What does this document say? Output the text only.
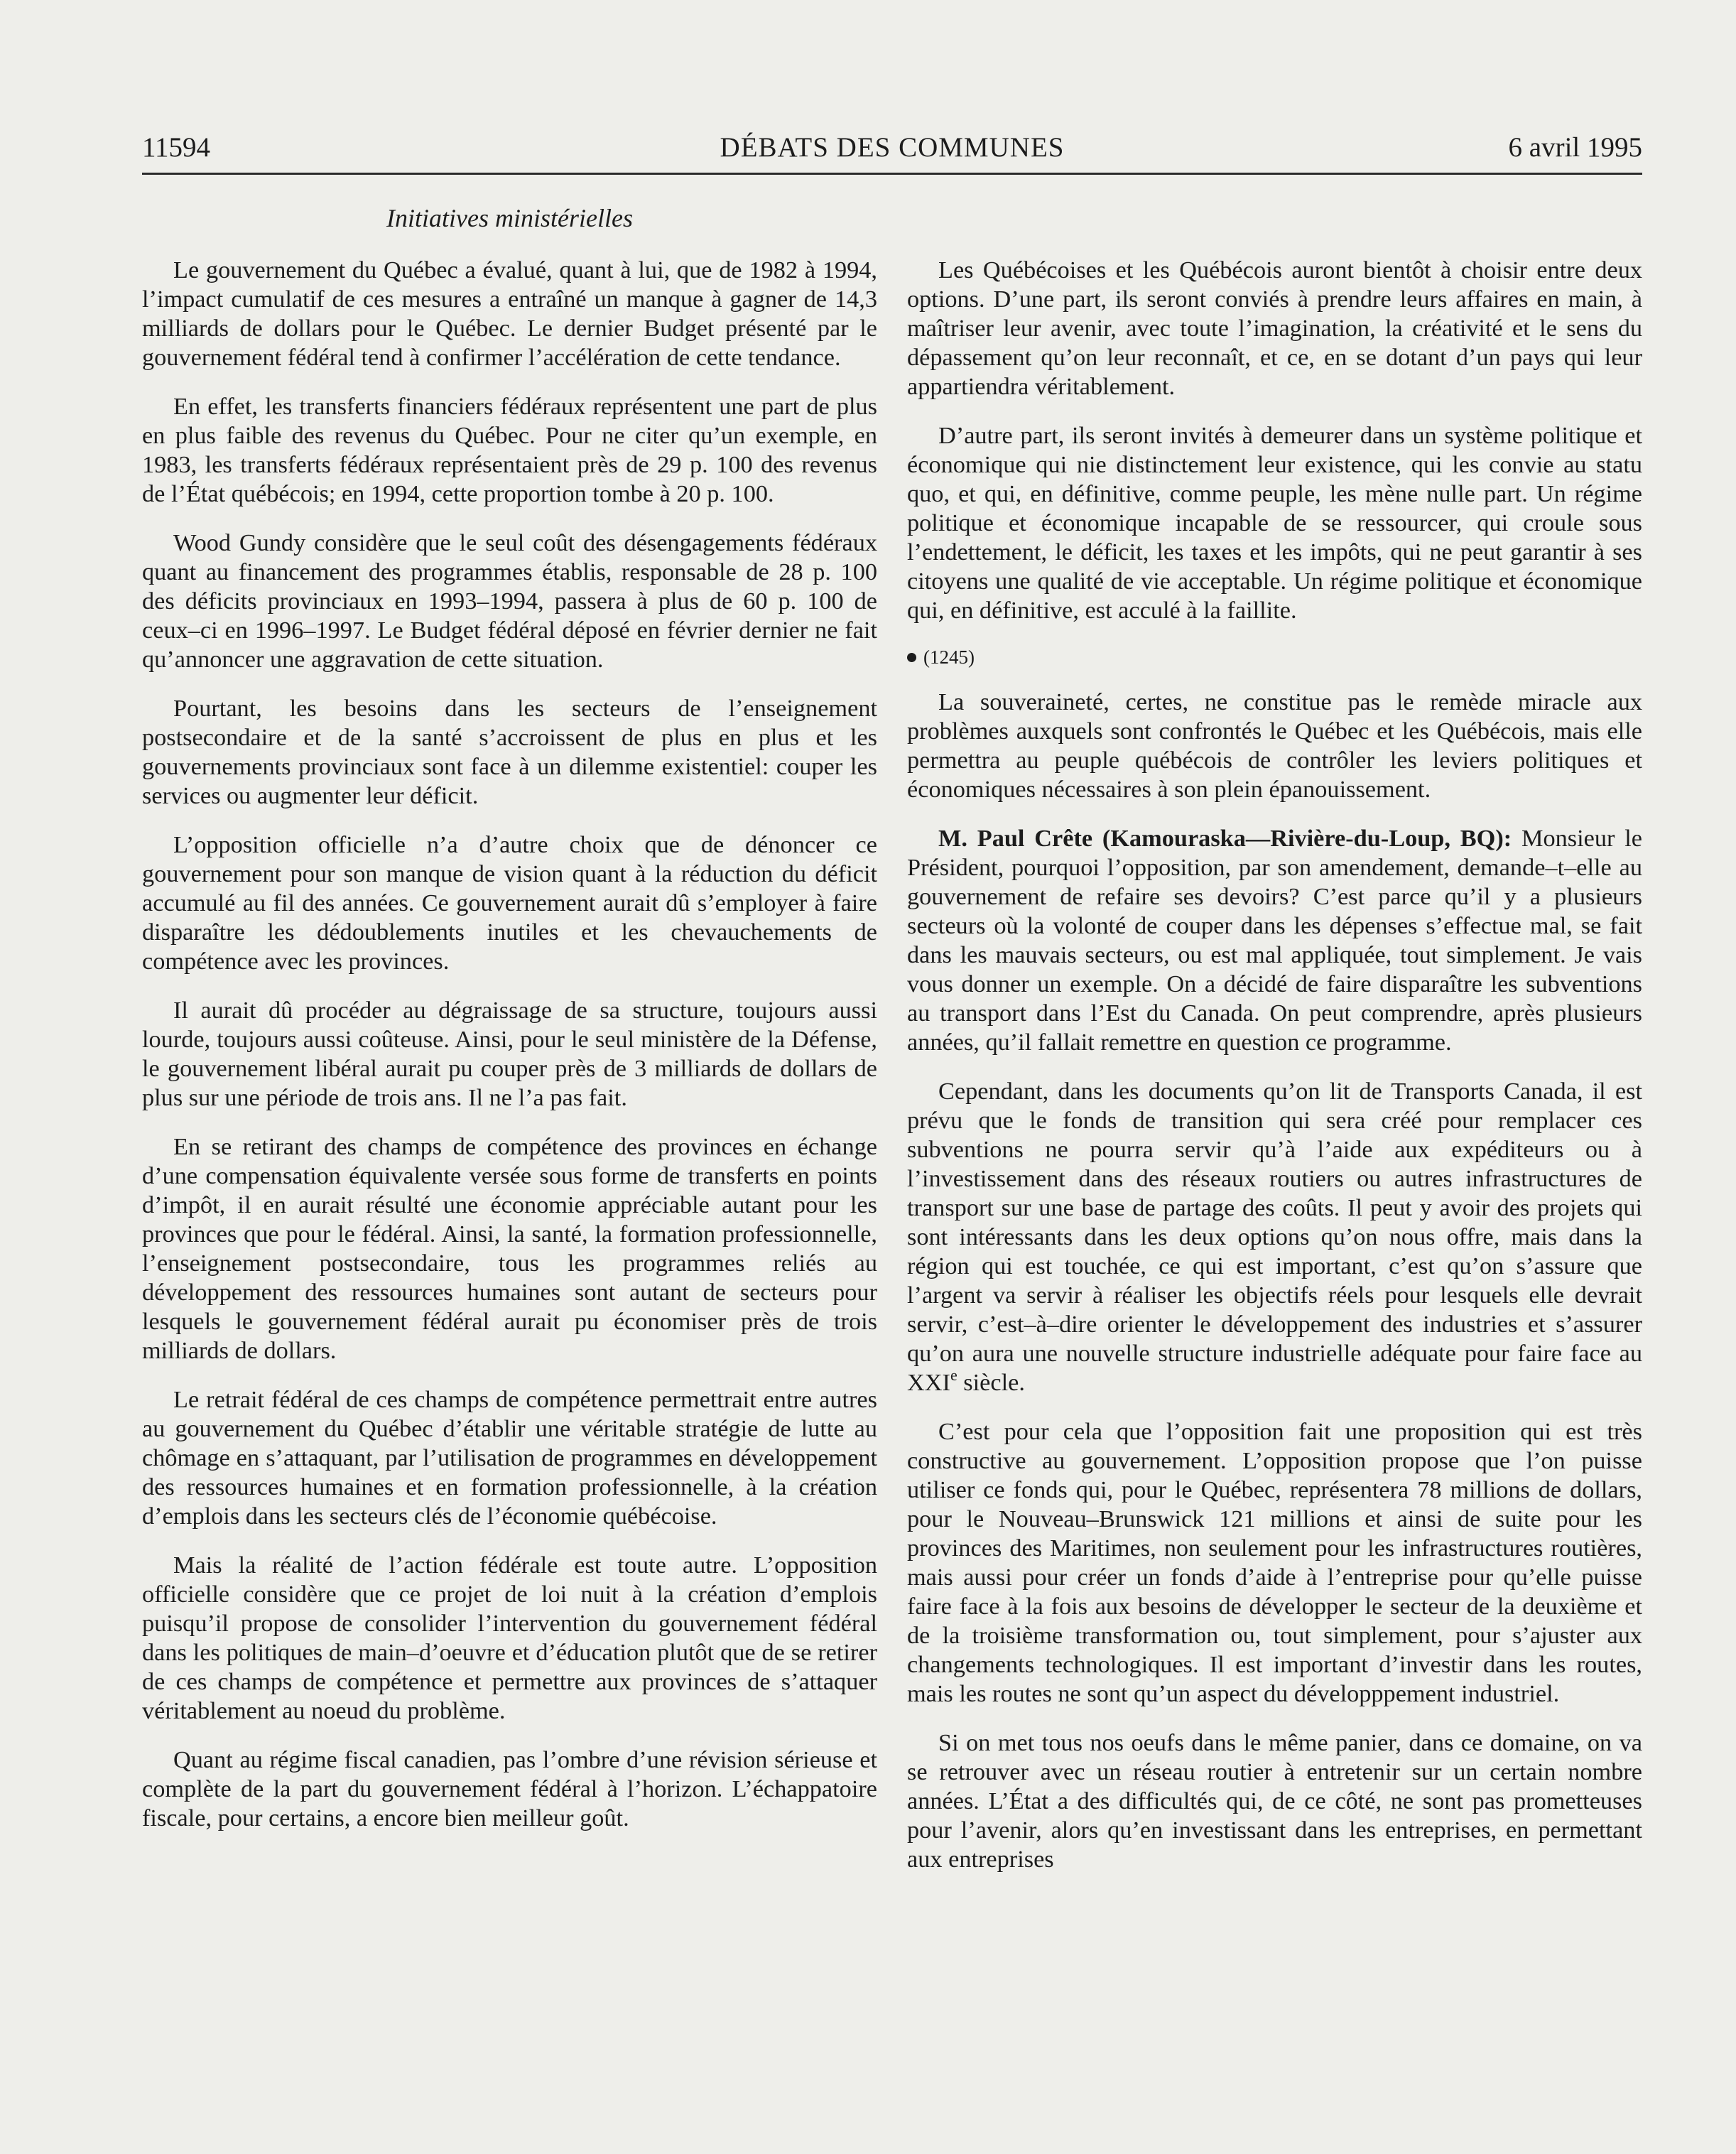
11594	DÉBATS DES COMMUNES	6 avril 1995
Initiatives ministérielles

Le gouvernement du Québec a évalué, quant à lui, que de 1982 à 1994, l’impact cumulatif de ces mesures a entraîné un manque à gagner de 14,3 milliards de dollars pour le Québec. Le dernier Budget présenté par le gouvernement fédéral tend à confirmer l’accélération de cette tendance.

En effet, les transferts financiers fédéraux représentent une part de plus en plus faible des revenus du Québec. Pour ne citer qu’un exemple, en 1983, les transferts fédéraux représentaient près de 29 p. 100 des revenus de l’État québécois; en 1994, cette proportion tombe à 20 p. 100.

Wood Gundy considère que le seul coût des désengagements fédéraux quant au financement des programmes établis, responsable de 28 p. 100 des déficits provinciaux en 1993–1994, passera à plus de 60 p. 100 de ceux–ci en 1996–1997. Le Budget fédéral déposé en février dernier ne fait qu’annoncer une aggravation de cette situation.

Pourtant, les besoins dans les secteurs de l’enseignement postsecondaire et de la santé s’accroissent de plus en plus et les gouvernements provinciaux sont face à un dilemme existentiel: couper les services ou augmenter leur déficit.

L’opposition officielle n’a d’autre choix que de dénoncer ce gouvernement pour son manque de vision quant à la réduction du déficit accumulé au fil des années. Ce gouvernement aurait dû s’employer à faire disparaître les dédoublements inutiles et les chevauchements de compétence avec les provinces.

Il aurait dû procéder au dégraissage de sa structure, toujours aussi lourde, toujours aussi coûteuse. Ainsi, pour le seul ministère de la Défense, le gouvernement libéral aurait pu couper près de 3 milliards de dollars de plus sur une période de trois ans. Il ne l’a pas fait.

En se retirant des champs de compétence des provinces en échange d’une compensation équivalente versée sous forme de transferts en points d’impôt, il en aurait résulté une économie appréciable autant pour les provinces que pour le fédéral. Ainsi, la santé, la formation professionnelle, l’enseignement postsecondaire, tous les programmes reliés au développement des ressources humaines sont autant de secteurs pour lesquels le gouvernement fédéral aurait pu économiser près de trois milliards de dollars.

Le retrait fédéral de ces champs de compétence permettrait entre autres au gouvernement du Québec d’établir une véritable stratégie de lutte au chômage en s’attaquant, par l’utilisation de programmes en développement des ressources humaines et en formation professionnelle, à la création d’emplois dans les secteurs clés de l’économie québécoise.

Mais la réalité de l’action fédérale est toute autre. L’opposition officielle considère que ce projet de loi nuit à la création d’emplois puisqu’il propose de consolider l’intervention du gouvernement fédéral dans les politiques de main–d’oeuvre et d’éducation plutôt que de se retirer de ces champs de compétence et permettre aux provinces de s’attaquer véritablement au noeud du problème.

Quant au régime fiscal canadien, pas l’ombre d’une révision sérieuse et complète de la part du gouvernement fédéral à l’horizon. L’échappatoire fiscale, pour certains, a encore bien meilleur goût.

Les Québécoises et les Québécois auront bientôt à choisir entre deux options. D’une part, ils seront conviés à prendre leurs affaires en main, à maîtriser leur avenir, avec toute l’imagination, la créativité et le sens du dépassement qu’on leur reconnaît, et ce, en se dotant d’un pays qui leur appartiendra véritablement.

D’autre part, ils seront invités à demeurer dans un système politique et économique qui nie distinctement leur existence, qui les convie au statu quo, et qui, en définitive, comme peuple, les mène nulle part. Un régime politique et économique incapable de se ressourcer, qui croule sous l’endettement, le déficit, les taxes et les impôts, qui ne peut garantir à ses citoyens une qualité de vie acceptable. Un régime politique et économique qui, en définitive, est acculé à la faillite.

(1245)

La souveraineté, certes, ne constitue pas le remède miracle aux problèmes auxquels sont confrontés le Québec et les Québécois, mais elle permettra au peuple québécois de contrôler les leviers politiques et économiques nécessaires à son plein épanouissement.

M. Paul Crête (Kamouraska—Rivière-du-Loup, BQ): Monsieur le Président, pourquoi l’opposition, par son amendement, demande–t–elle au gouvernement de refaire ses devoirs? C’est parce qu’il y a plusieurs secteurs où la volonté de couper dans les dépenses s’effectue mal, se fait dans les mauvais secteurs, ou est mal appliquée, tout simplement. Je vais vous donner un exemple. On a décidé de faire disparaître les subventions au transport dans l’Est du Canada. On peut comprendre, après plusieurs années, qu’il fallait remettre en question ce programme.

Cependant, dans les documents qu’on lit de Transports Canada, il est prévu que le fonds de transition qui sera créé pour remplacer ces subventions ne pourra servir qu’à l’aide aux expéditeurs ou à l’investissement dans des réseaux routiers ou autres infrastructures de transport sur une base de partage des coûts. Il peut y avoir des projets qui sont intéressants dans les deux options qu’on nous offre, mais dans la région qui est touchée, ce qui est important, c’est qu’on s’assure que l’argent va servir à réaliser les objectifs réels pour lesquels elle devrait servir, c’est–à–dire orienter le développement des industries et s’assurer qu’on aura une nouvelle structure industrielle adéquate pour faire face au XXIe siècle.

C’est pour cela que l’opposition fait une proposition qui est très constructive au gouvernement. L’opposition propose que l’on puisse utiliser ce fonds qui, pour le Québec, représentera 78 millions de dollars, pour le Nouveau–Brunswick 121 millions et ainsi de suite pour les provinces des Maritimes, non seulement pour les infrastructures routières, mais aussi pour créer un fonds d’aide à l’entreprise pour qu’elle puisse faire face à la fois aux besoins de développer le secteur de la deuxième et de la troisième transformation ou, tout simplement, pour s’ajuster aux changements technologiques. Il est important d’investir dans les routes, mais les routes ne sont qu’un aspect du développpement industriel.

Si on met tous nos oeufs dans le même panier, dans ce domaine, on va se retrouver avec un réseau routier à entretenir sur un certain nombre années. L’État a des difficultés qui, de ce côté, ne sont pas prometteuses pour l’avenir, alors qu’en investissant dans les entreprises, en permettant aux entreprises
